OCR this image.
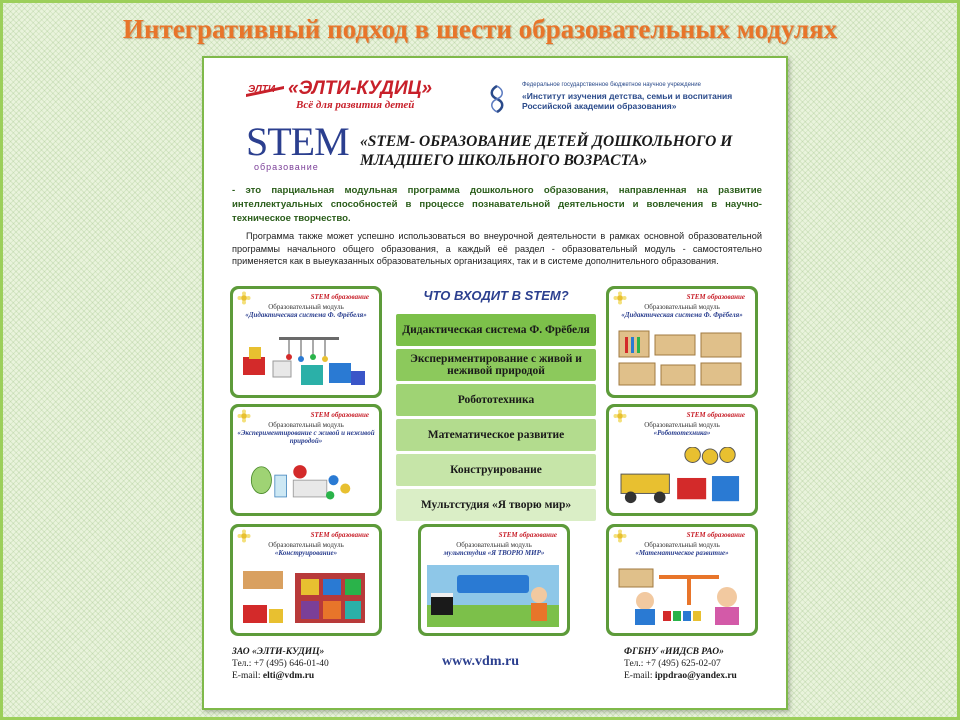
Интегративный подход в шести образовательных модулях
ЭЛТИ «ЭЛТИ-КУДИЦ»
Всё для развития детей
Федеральное государственное бюджетное научное учреждение
«Институт изучения детства, семьи и воспитания Российской академии образования»
STEM
образование
«STEM- ОБРАЗОВАНИЕ ДЕТЕЙ ДОШКОЛЬНОГО И МЛАДШЕГО ШКОЛЬНОГО ВОЗРАСТА»
- это парциальная модульная программа дошкольного образования, направленная на развитие интеллектуальных способностей в процессе познавательной деятельности и вовлечения в научно-техническое творчество.
Программа также может успешно использоваться во внеурочной деятельности в рамках основной образовательной программы начального общего образования, а каждый её раздел - образовательный модуль - самостоятельно применяется как в выеуказанных образовательных организациях, так и в системе дополнительного образования.
ЧТО ВХОДИТ В STEM?
Дидактическая система Ф. Фрёбеля
Экспериментирование с живой и неживой природой
Робототехника
Математическое развитие
Конструирование
Мультстудия «Я творю мир»
STEM образование
Образовательный модуль
«Дидактическая система Ф. Фрёбеля»
STEM образование
Образовательный модуль
«Экспериментирование с живой и неживой природой»
STEM образование
Образовательный модуль
«Конструирование»
STEM образование
Образовательный модуль
мультстудия «Я ТВОРЮ МИР»
STEM образование
Образовательный модуль
«Дидактическая система Ф. Фрёбеля»
STEM образование
Образовательный модуль
«Робототехника»
STEM образование
Образовательный модуль
«Математическое развитие»
ЗАО «ЭЛТИ-КУДИЦ»
Тел.: +7 (495) 646-01-40
E-mail: elti@vdm.ru
www.vdm.ru
ФГБНУ «ИИДСВ РАО»
Тел.: +7 (495) 625-02-07
E-mail: ippdrao@yandex.ru
